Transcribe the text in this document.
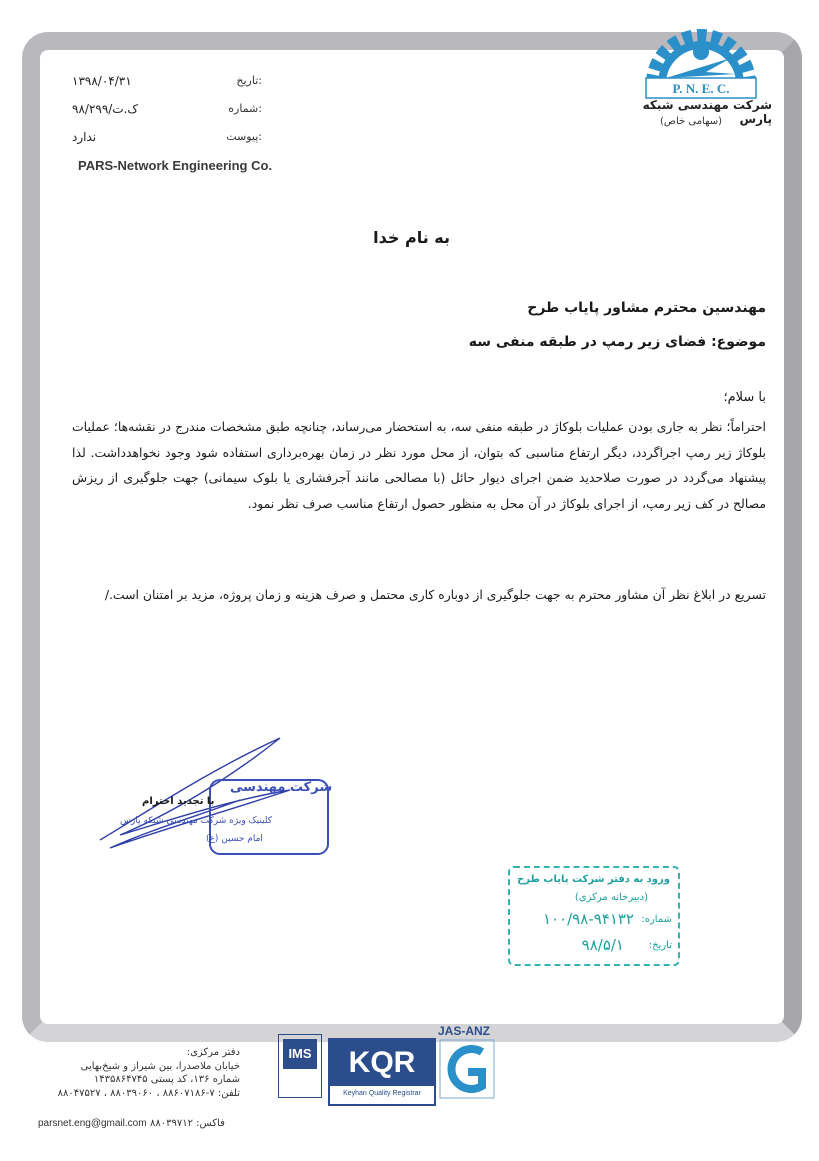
۱۳۹۸/۰۴/۳۱	تاریخ:
۹۸/ک.ت/۲۹۹	شماره:
ندارد	پیوست:
PARS-Network Engineering Co.
P. N. E. C.
شرکت مهندسی شبکه پارس
(سهامی خاص)
به نام خدا
مهندسین محترم مشاور پایاب طرح
موضوع: فضای زیر رمپ در طبقه منفی سه
با سلام؛
احتراماً؛ نظر به جاری بودن عملیات بلوکاژ در طبقه منفی سه، به استحضار می‌رساند، چنانچه طبق مشخصات مندرج در نقشه‌ها؛ عملیات بلوکاژ زیر رمپ اجراگردد، دیگر ارتفاع مناسبی که بتوان، از محل مورد نظر در زمان بهره‌برداری استفاده شود وجود نخواهدداشت. لذا پیشنهاد می‌گردد در صورت صلاحدید ضمن اجرای دیوار حائل (با مصالحی مانند آجرفشاری یا بلوک سیمانی) جهت جلوگیری از ریزش مصالح در کف زیر رمپ، از اجرای بلوکاژ در آن محل به منظور حصول ارتفاع مناسب صرف نظر نمود.
تسریع در ابلاغ نظر آن مشاور محترم به جهت جلوگیری از دوباره کاری محتمل و صرف هزینه و زمان پروژه، مزید بر امتنان است./
با تجدید احترام
شرکت مهندسی
کلینیک ویژه شرکت مهندسی شبکه پارس
امام حسین (ع)
ورود به دفتر شرکت پایاب طرح
(دبیرخانه مرکزی)
شماره:
۱۰۰/۹۸-۹۴۱۳۲
تاریخ:
۹۸/۵/۱
دفتر مرکزی:
خیابان ملاصدرا، بین شیراز و شیخ‌بهایی
شماره ۱۳۶، کد پستی ۱۴۳۵۸۶۴۷۴۵
تلفن: ۷-۸۸۶۰۷۱۸۶ ، ۸۸۰۳۹۰۶۰ ، ۸۸۰۴۷۵۲۷
parsnet.eng@gmail.com فاکس: ۸۸۰۳۹۷۱۲
IMS	KQR
Keyhan Quality Registrar
JAS-ANZ
